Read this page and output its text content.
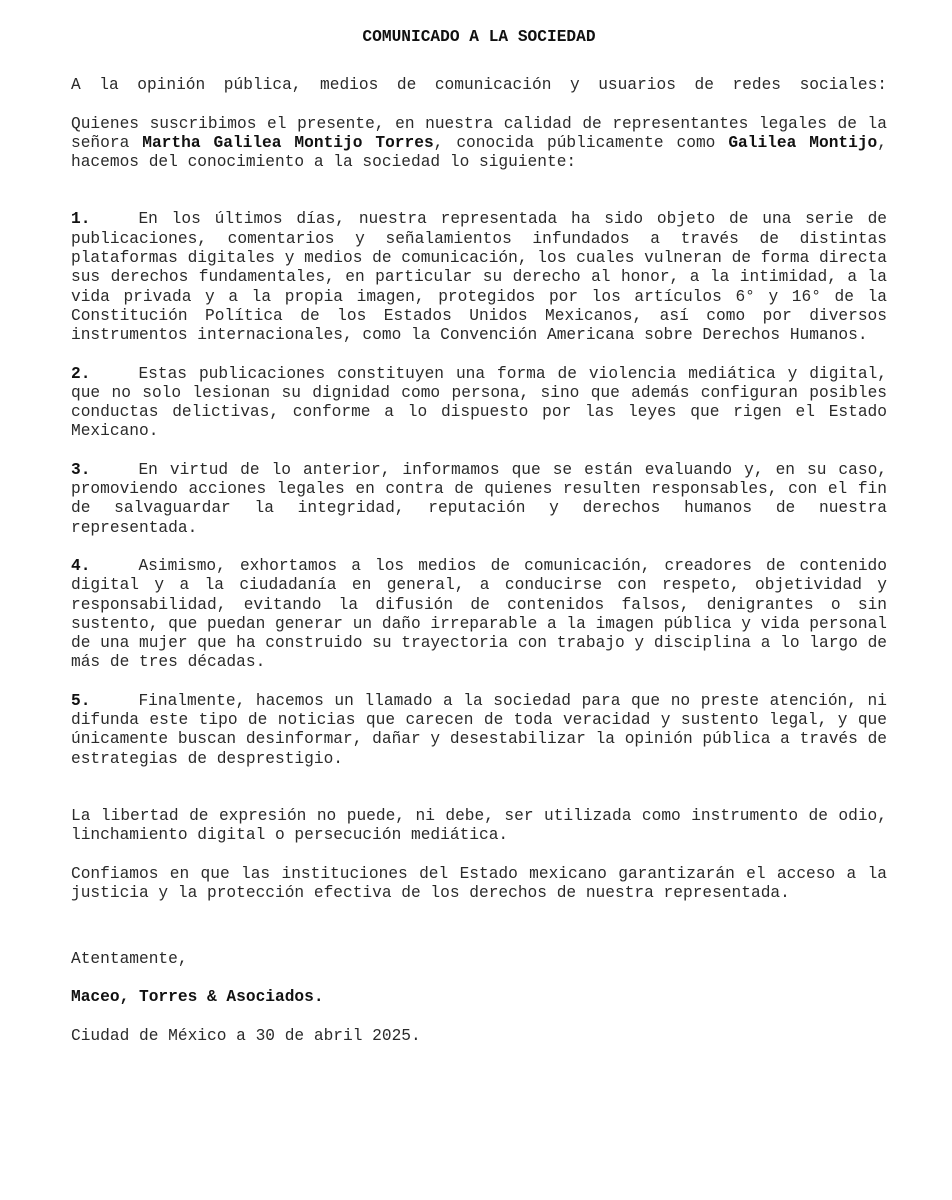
COMUNICADO A LA SOCIEDAD

A la opinión pública, medios de comunicación y usuarios de redes sociales:

Quienes suscribimos el presente, en nuestra calidad de representantes legales de la señora Martha Galilea Montijo Torres, conocida públicamente como Galilea Montijo, hacemos del conocimiento a la sociedad lo siguiente:

1.	En los últimos días, nuestra representada ha sido objeto de una serie de publicaciones, comentarios y señalamientos infundados a través de distintas plataformas digitales y medios de comunicación, los cuales vulneran de forma directa sus derechos fundamentales, en particular su derecho al honor, a la intimidad, a la vida privada y a la propia imagen, protegidos por los artículos 6° y 16° de la Constitución Política de los Estados Unidos Mexicanos, así como por diversos instrumentos internacionales, como la Convención Americana sobre Derechos Humanos.

2.	Estas publicaciones constituyen una forma de violencia mediática y digital, que no solo lesionan su dignidad como persona, sino que además configuran posibles conductas delictivas, conforme a lo dispuesto por las leyes que rigen el Estado Mexicano.

3.	En virtud de lo anterior, informamos que se están evaluando y, en su caso, promoviendo acciones legales en contra de quienes resulten responsables, con el fin de salvaguardar la integridad, reputación y derechos humanos de nuestra representada.

4.	Asimismo, exhortamos a los medios de comunicación, creadores de contenido digital y a la ciudadanía en general, a conducirse con respeto, objetividad y responsabilidad, evitando la difusión de contenidos falsos, denigrantes o sin sustento, que puedan generar un daño irreparable a la imagen pública y vida personal de una mujer que ha construido su trayectoria con trabajo y disciplina a lo largo de más de tres décadas.

5.	Finalmente, hacemos un llamado a la sociedad para que no preste atención, ni difunda este tipo de noticias que carecen de toda veracidad y sustento legal, y que únicamente buscan desinformar, dañar y desestabilizar la opinión pública a través de estrategias de desprestigio.

La libertad de expresión no puede, ni debe, ser utilizada como instrumento de odio, linchamiento digital o persecución mediática.

Confiamos en que las instituciones del Estado mexicano garantizarán el acceso a la justicia y la protección efectiva de los derechos de nuestra representada.

Atentamente,

Maceo, Torres & Asociados.

Ciudad de México a 30 de abril 2025.
